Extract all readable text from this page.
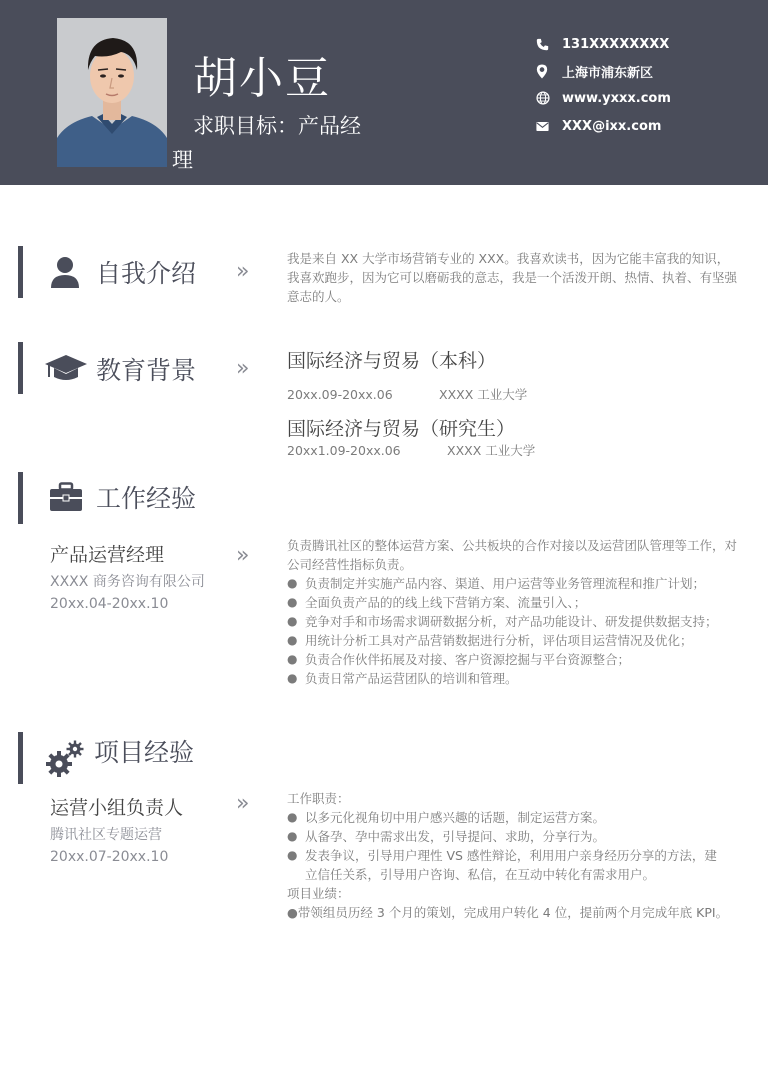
胡小豆
求职目标：产品经
理
131XXXXXXXX
上海市浦东新区
www.yxxx.com
XXX@ixx.com
自我介绍 »
我是来自 XX 大学市场营销专业的 XXX。我喜欢读书，因为它能丰富我的知识，我喜欢跑步，因为它可以磨砺我的意志，我是一个活泼开朗、热情、执着、有坚强意志的人。
教育背景 » 国际经济与贸易（本科）
20xx.09-20xx.06	XXXX 工业大学
国际经济与贸易（研究生）
20xx1.09-20xx.06	XXXX 工业大学
工作经验
产品运营经理
XXXX 商务咨询有限公司
20xx.04-20xx.10
»	负责腾讯社区的整体运营方案、公共板块的合作对接以及运营团队管理等工作，对公司经营性指标负责。
● 负责制定并实施产品内容、渠道、用户运营等业务管理流程和推广计划；
● 全面负责产品的的线上线下营销方案、流量引入、；
● 竞争对手和市场需求调研数据分析，对产品功能设计、研发提供数据支持；
● 用统计分析工具对产品营销数据进行分析，评估项目运营情况及优化；
● 负责合作伙伴拓展及对接、客户资源挖掘与平台资源整合；
● 负责日常产品运营团队的培训和管理。
项目经验
运营小组负责人
腾讯社区专题运营
20xx.07-20xx.10
»	工作职责：
● 以多元化视角切中用户感兴趣的话题，制定运营方案。
● 从备孕、孕中需求出发，引导提问、求助，分享行为。
● 发表争议，引导用户理性 VS 感性辩论，利用用户亲身经历分享的方法，建立信任关系，引导用户咨询、私信，在互动中转化有需求用户。
项目业绩：
●带领组员历经 3 个月的策划，完成用户转化 4 位，提前两个月完成年底 KPI。
